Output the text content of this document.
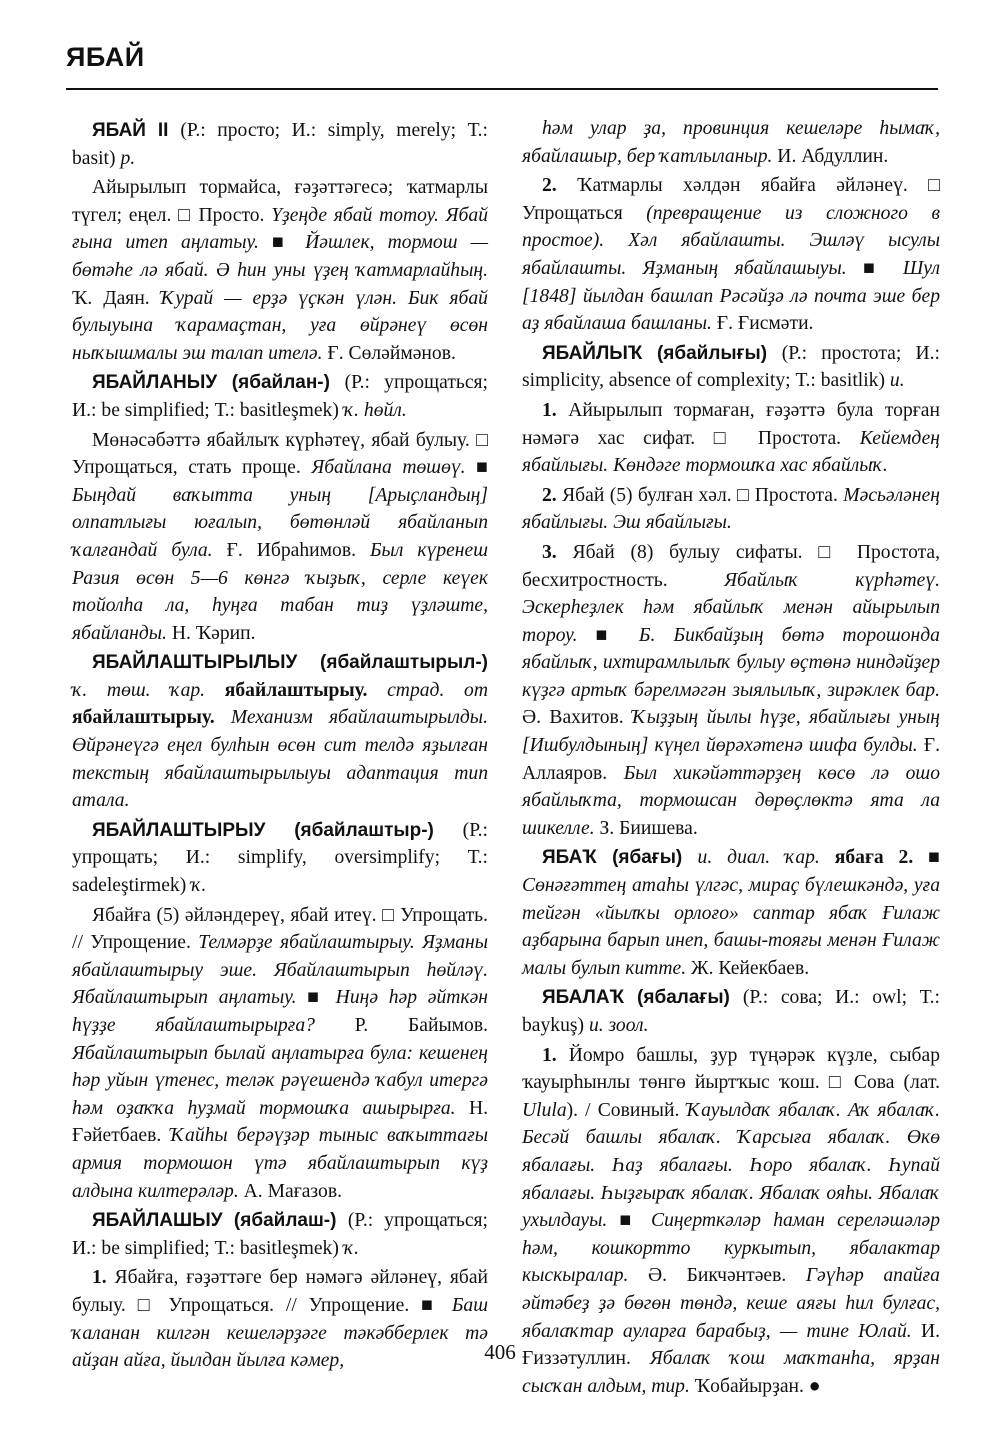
ЯБАЙ

ЯБАЙ II (Р.: просто; И.: simply, merely; Т.: basit) р.

Айырылып тормайса, ғәҙәттәгесә; ҡатмарлы түгел; еңел. □ Просто. Үҙеңде ябай тотоу. Ябай ғына итеп аңлатыу. ■ Йәшлек, тормош — бөтәһе лә ябай. Ә һин уны үҙең ҡатмарлайһың. Ҡ. Даян. Ҡурай — ерҙә үҫкән үлән. Бик ябай булыуына ҡарамаҫтан, уға өйрәнеү өсөн ныҡышмалы эш талап ителә. Ғ. Сөләймәнов.

ЯБАЙЛАНЫУ (ябайлан-) (Р.: упрощаться; И.: be simplified; Т.: basitleşmek) ҡ. һөйл.

Мөнәсәбәттә ябайлыҡ күрһәтеү, ябай булыу. □ Упрощаться, стать проще. Ябайлана төшөү. ■ Быңдай ваҡытта уның [Арыҫландың] олпатлығы юғалып, бөтөнләй ябайланып ҡалғандай була. Ғ. Ибраһимов. Был күренеш Разия өсөн 5—6 көнгә ҡыҙыҡ, серле кеүек тойолһа ла, һуңға табан тиҙ үҙләште, ябайланды. Н. Ҡәрип.

ЯБАЙЛАШТЫРЫЛЫУ (ябайлаштырыл-) ҡ. төш. ҡар. ябайлаштырыу. страд. от ябайлаштырыу. Механизм ябайлаштырылды. Өйрәнеүгә еңел булһын өсөн сит телдә яҙылған текстың ябайлаштырылыуы адаптация тип атала.

ЯБАЙЛАШТЫРЫУ (ябайлаштыр-) (Р.: упрощать; И.: simplify, oversimplify; Т.: sadeleştirmek) ҡ.

Ябайға (5) әйләндереү, ябай итеү. □ Упрощать. // Упрощение. Телмәрҙе ябайлаштырыу. Яҙманы ябайлаштырыу эше. Ябайлаштырып һөйләү. Ябайлаштырып аңлатыу. ■ Ниңә һәр әйткән һүҙҙе ябайлаштырырға? Р. Байымов. Ябайлаштырып былай аңлатырға була: кешенең һәр уйын үтенес, теләк рәүешендә ҡабул итергә һәм оҙаҡҡа һуҙмай тормошҡа ашырырға. Н. Ғәйетбаев. Ҡайһы берәүҙәр тыныс ваҡыттағы армия тормошон үтә ябайлаштырып күҙ алдына килтерәләр. А. Мағазов.

ЯБАЙЛАШЫУ (ябайлаш-) (Р.: упрощаться; И.: be simplified; Т.: basitleşmek) ҡ.

1. Ябайға, ғәҙәттәге бер нәмәгә әйләнеү, ябай булыу. □ Упрощаться. // Упрощение. ■ Баш ҡаланан килгән кешеләрҙәге тәкәбберлек тә айҙан айға, йылдан йылға кәмер,

һәм улар ҙа, провинция кешеләре һымаҡ, ябайлашыр, бер ҡатлыланыр. И. Абдуллин.

2. Ҡатмарлы хәлдән ябайға әйләнеү. □ Упрощаться (превращение из сложного в простое). Хәл ябайлашты. Эшләү ысулы ябайлашты. Яҙманың ябайлашыуы. ■ Шул [1848] йылдан башлап Рәсәйҙә лә почта эше бер аҙ ябайлаша башланы. Ғ. Ғисмәти.

ЯБАЙЛЫҠ (ябайлығы) (Р.: простота; И.: simplicity, absence of complexity; Т.: basitlik) и.

1. Айырылып тормаған, ғәҙәттә була торған нәмәгә хас сифат. □ Простота. Кейемдең ябайлығы. Көндәге тормошҡа хас ябайлыҡ.

2. Ябай (5) булған хәл. □ Простота. Мәсьәләнең ябайлығы. Эш ябайлығы.

3. Ябай (8) булыу сифаты. □ Простота, бесхитростность. Ябайлыҡ күрһәтеү. Эскерһеҙлек һәм ябайлыҡ менән айырылып тороу. ■ Б. Бикбайҙың бөтә торошонда ябайлыҡ, ихтирамлылыҡ булыу өҫтөнә ниндәйҙер күҙгә артыҡ бәрелмәгән зыялылыҡ, зирәклек бар. Ә. Вахитов. Ҡыҙҙың йылы һүҙе, ябайлығы уның [Ишбулдының] күңел йөрәхәтенә шифа булды. Ғ. Аллаяров. Был хикәйәттәрҙең көсө лә ошо ябайлыҡта, тормошсан дөрөҫлөктә ята ла шикелле. З. Биишева.

ЯБАҠ (ябағы) и. диал. ҡар. ябаға 2. ■ Сөнәғәттең атаһы үлгәс, мираҫ бүлешкәндә, уға тейгән «йылҡы орлоғо» саптар ябаҡ Ғилаж аҙбарына барып инеп, башы-тояғы менән Ғилаж малы булып китте. Ж. Кейекбаев.

ЯБАЛАҠ (ябалағы) (Р.: сова; И.: owl; Т.: baykuş) и. зоол.

1. Йомро башлы, ҙур түңәрәк күҙле, сыбар ҡауырһынлы төнгө йыртҡыс ҡош. □ Сова (лат. Ulula). / Совиный. Ҡауылдаҡ ябалаҡ. Аҡ ябалаҡ. Бесәй башлы ябалаҡ. Ҡарсыға ябалаҡ. Өкө ябалағы. Һаҙ ябалағы. Һоро ябалаҡ. Һупай ябалағы. Һыҙғыраҡ ябалаҡ. Ябалаҡ ояһы. Ябалаҡ ухылдауы. ■ Сиңерткәләр һаман сереләшәләр һәм, кошкортто куркытып, ябалактар кыскыралар. Ә. Бикчәнтәев. Гәүһәр апайға әйтәбеҙ ҙә бөгөн төндә, кеше аяғы һил булғас, ябалаҡтар ауларға барабыҙ, — тине Юлай. И. Ғиззәтуллин. Ябалаҡ ҡош маҡтанһа, ярҙан сысҡан алдым, тир. Ҡобайырҙан. ●

406
